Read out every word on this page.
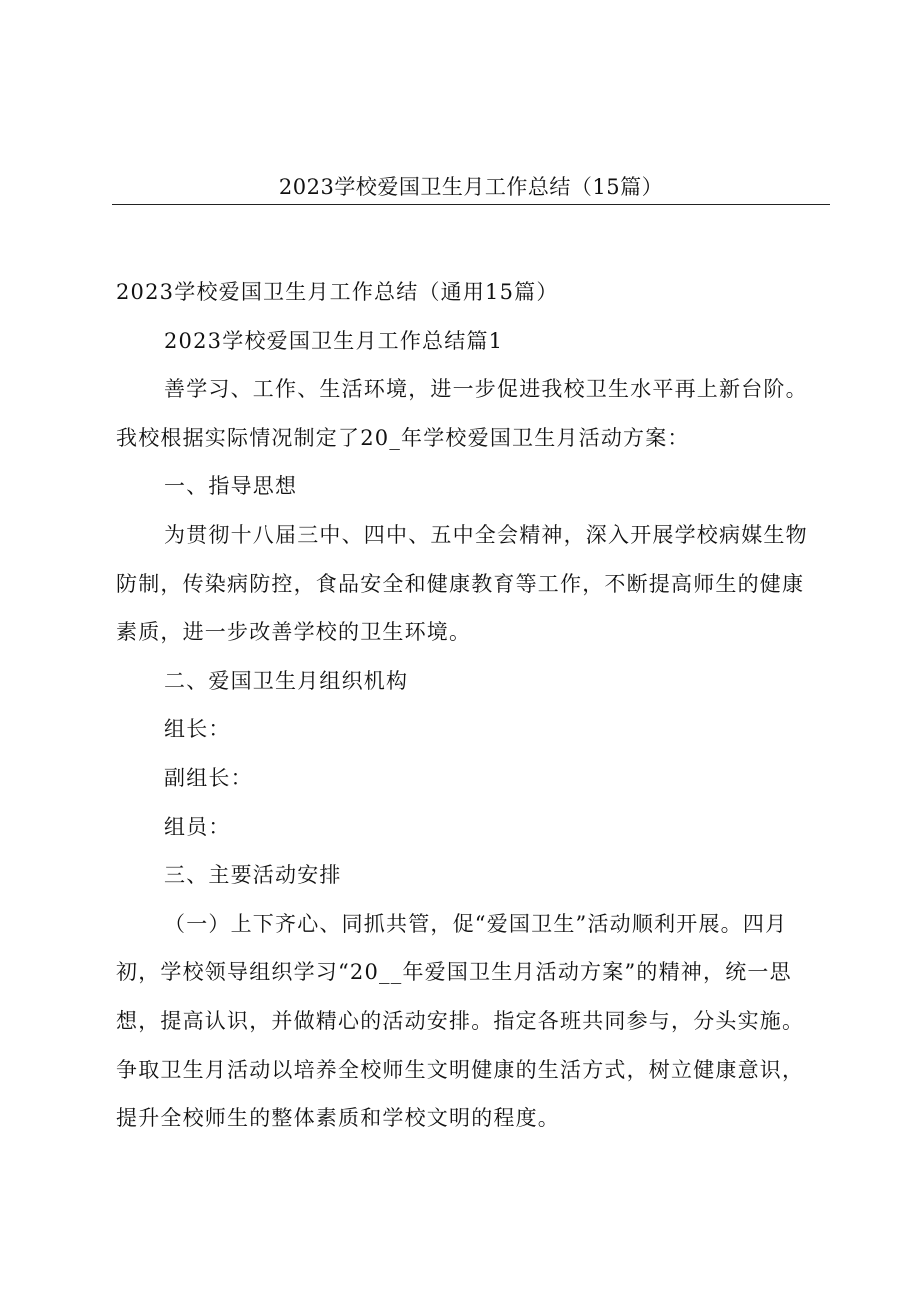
2023学校爱国卫生月工作总结（15篇）
2023学校爱国卫生月工作总结（通用15篇）
2023学校爱国卫生月工作总结篇1
善学习、工作、生活环境，进一步促进我校卫生水平再上新台阶。
我校根据实际情况制定了20_年学校爱国卫生月活动方案：
一、指导思想
为贯彻十八届三中、四中、五中全会精神，深入开展学校病媒生物
防制，传染病防控，食品安全和健康教育等工作，不断提高师生的健康
素质，进一步改善学校的卫生环境。
二、爱国卫生月组织机构
组长：
副组长：
组员：
三、主要活动安排
（一）上下齐心、同抓共管，促“爱国卫生”活动顺利开展。四月
初，学校领导组织学习“20__年爱国卫生月活动方案”的精神，统一思
想，提高认识，并做精心的活动安排。指定各班共同参与，分头实施。
争取卫生月活动以培养全校师生文明健康的生活方式，树立健康意识，
提升全校师生的整体素质和学校文明的程度。
